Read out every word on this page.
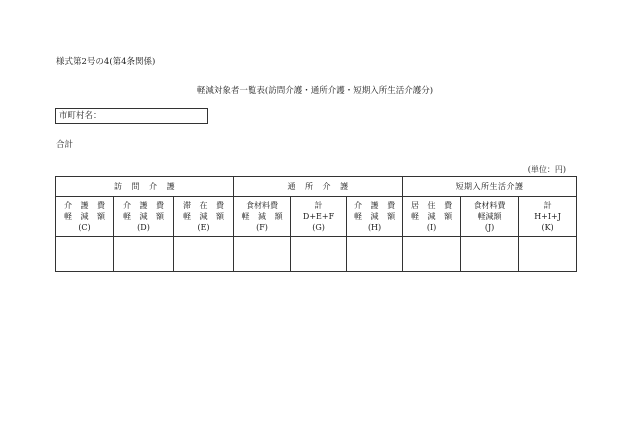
様式第2号の4(第4条関係)
軽減対象者一覧表(訪問介護・通所介護・短期入所生活介護分)
市町村名：
合計
(単位：円)
訪 問 介 護			通 所 介 護			短期入所生活介護		

介 護 費
軽 減 額
(C)	介 護 費
軽 減 額
(D)	滞 在 費
軽 減 額
(E)	食材料費
軽 減 額
(F)	計
D+E+F
(G)	介 護 費
軽 減 額
(H)	居 住 費
軽 減 額
(I)	食材料費
軽減額
(J)	計
H+I+J
(K)
